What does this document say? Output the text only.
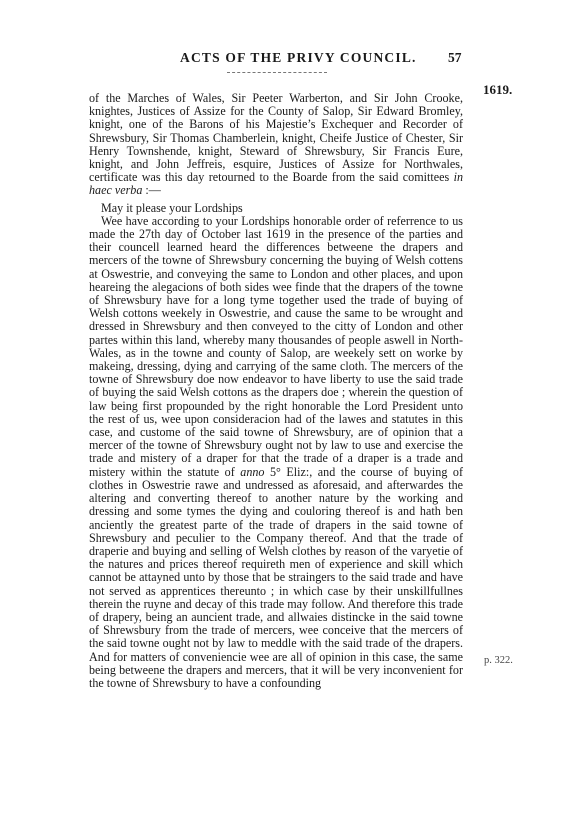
ACTS OF THE PRIVY COUNCIL. 57
1619.
p. 322.

of the Marches of Wales, Sir Peeter Warberton, and Sir John Crooke, knightes, Justices of Assize for the County of Salop, Sir Edward Bromley, knight, one of the Barons of his Majestie’s Exchequer and Recorder of Shrewsbury, Sir Thomas Chamberlein, knight, Cheife Justice of Chester, Sir Henry Townshende, knight, Steward of Shrewsbury, Sir Francis Eure, knight, and John Jeffreis, esquire, Justices of Assize for Northwales, certificate was this day retourned to the Boarde from the said comittees in haec verba :—

May it please your Lordships

Wee have according to your Lordships honorable order of referrence to us made the 27th day of October last 1619 in the presence of the parties and their councell learned heard the differences betweene the drapers and mercers of the towne of Shrewsbury concerning the buying of Welsh cottens at Oswestrie, and conveying the same to London and other places, and upon heareing the alegacions of both sides wee finde that the drapers of the towne of Shrewsbury have for a long tyme together used the trade of buying of Welsh cottons weekely in Oswestrie, and cause the same to be wrought and dressed in Shrewsbury and then conveyed to the citty of London and other partes within this land, whereby many thousandes of people aswell in North-Wales, as in the towne and county of Salop, are weekely sett on worke by makeing, dressing, dying and carrying of the same cloth. The mercers of the towne of Shrewsbury doe now endeavor to have liberty to use the said trade of buying the said Welsh cottons as the drapers doe ; wherein the question of law being first propounded by the right honorable the Lord President unto the rest of us, wee upon consideracion had of the lawes and statutes in this case, and custome of the said towne of Shrewsbury, are of opinion that a mercer of the towne of Shrewsbury ought not by law to use and exercise the trade and mistery of a draper for that the trade of a draper is a trade and mistery within the statute of anno 5° Eliz:, and the course of buying of clothes in Oswestrie rawe and undressed as aforesaid, and afterwardes the altering and converting thereof to another nature by the working and dressing and some tymes the dying and couloring thereof is and hath ben anciently the greatest parte of the trade of drapers in the said towne of Shrewsbury and peculier to the Company thereof. And that the trade of draperie and buying and selling of Welsh clothes by reason of the varyetie of the natures and prices thereof requireth men of experience and skill which cannot be attayned unto by those that be straingers to the said trade and have not served as apprentices thereunto ; in which case by their unskillfullnes therein the ruyne and decay of this trade may follow. And therefore this trade of drapery, being an auncient trade, and allwaies distincke in the said towne of Shrewsbury from the trade of mercers, wee conceive that the mercers of the said towne ought not by law to meddle with the said trade of the drapers. And for matters of conveniencie wee are all of opinion in this case, the same being betweene the drapers and mercers, that it will be very inconvenient for the towne of Shrewsbury to have a confounding
